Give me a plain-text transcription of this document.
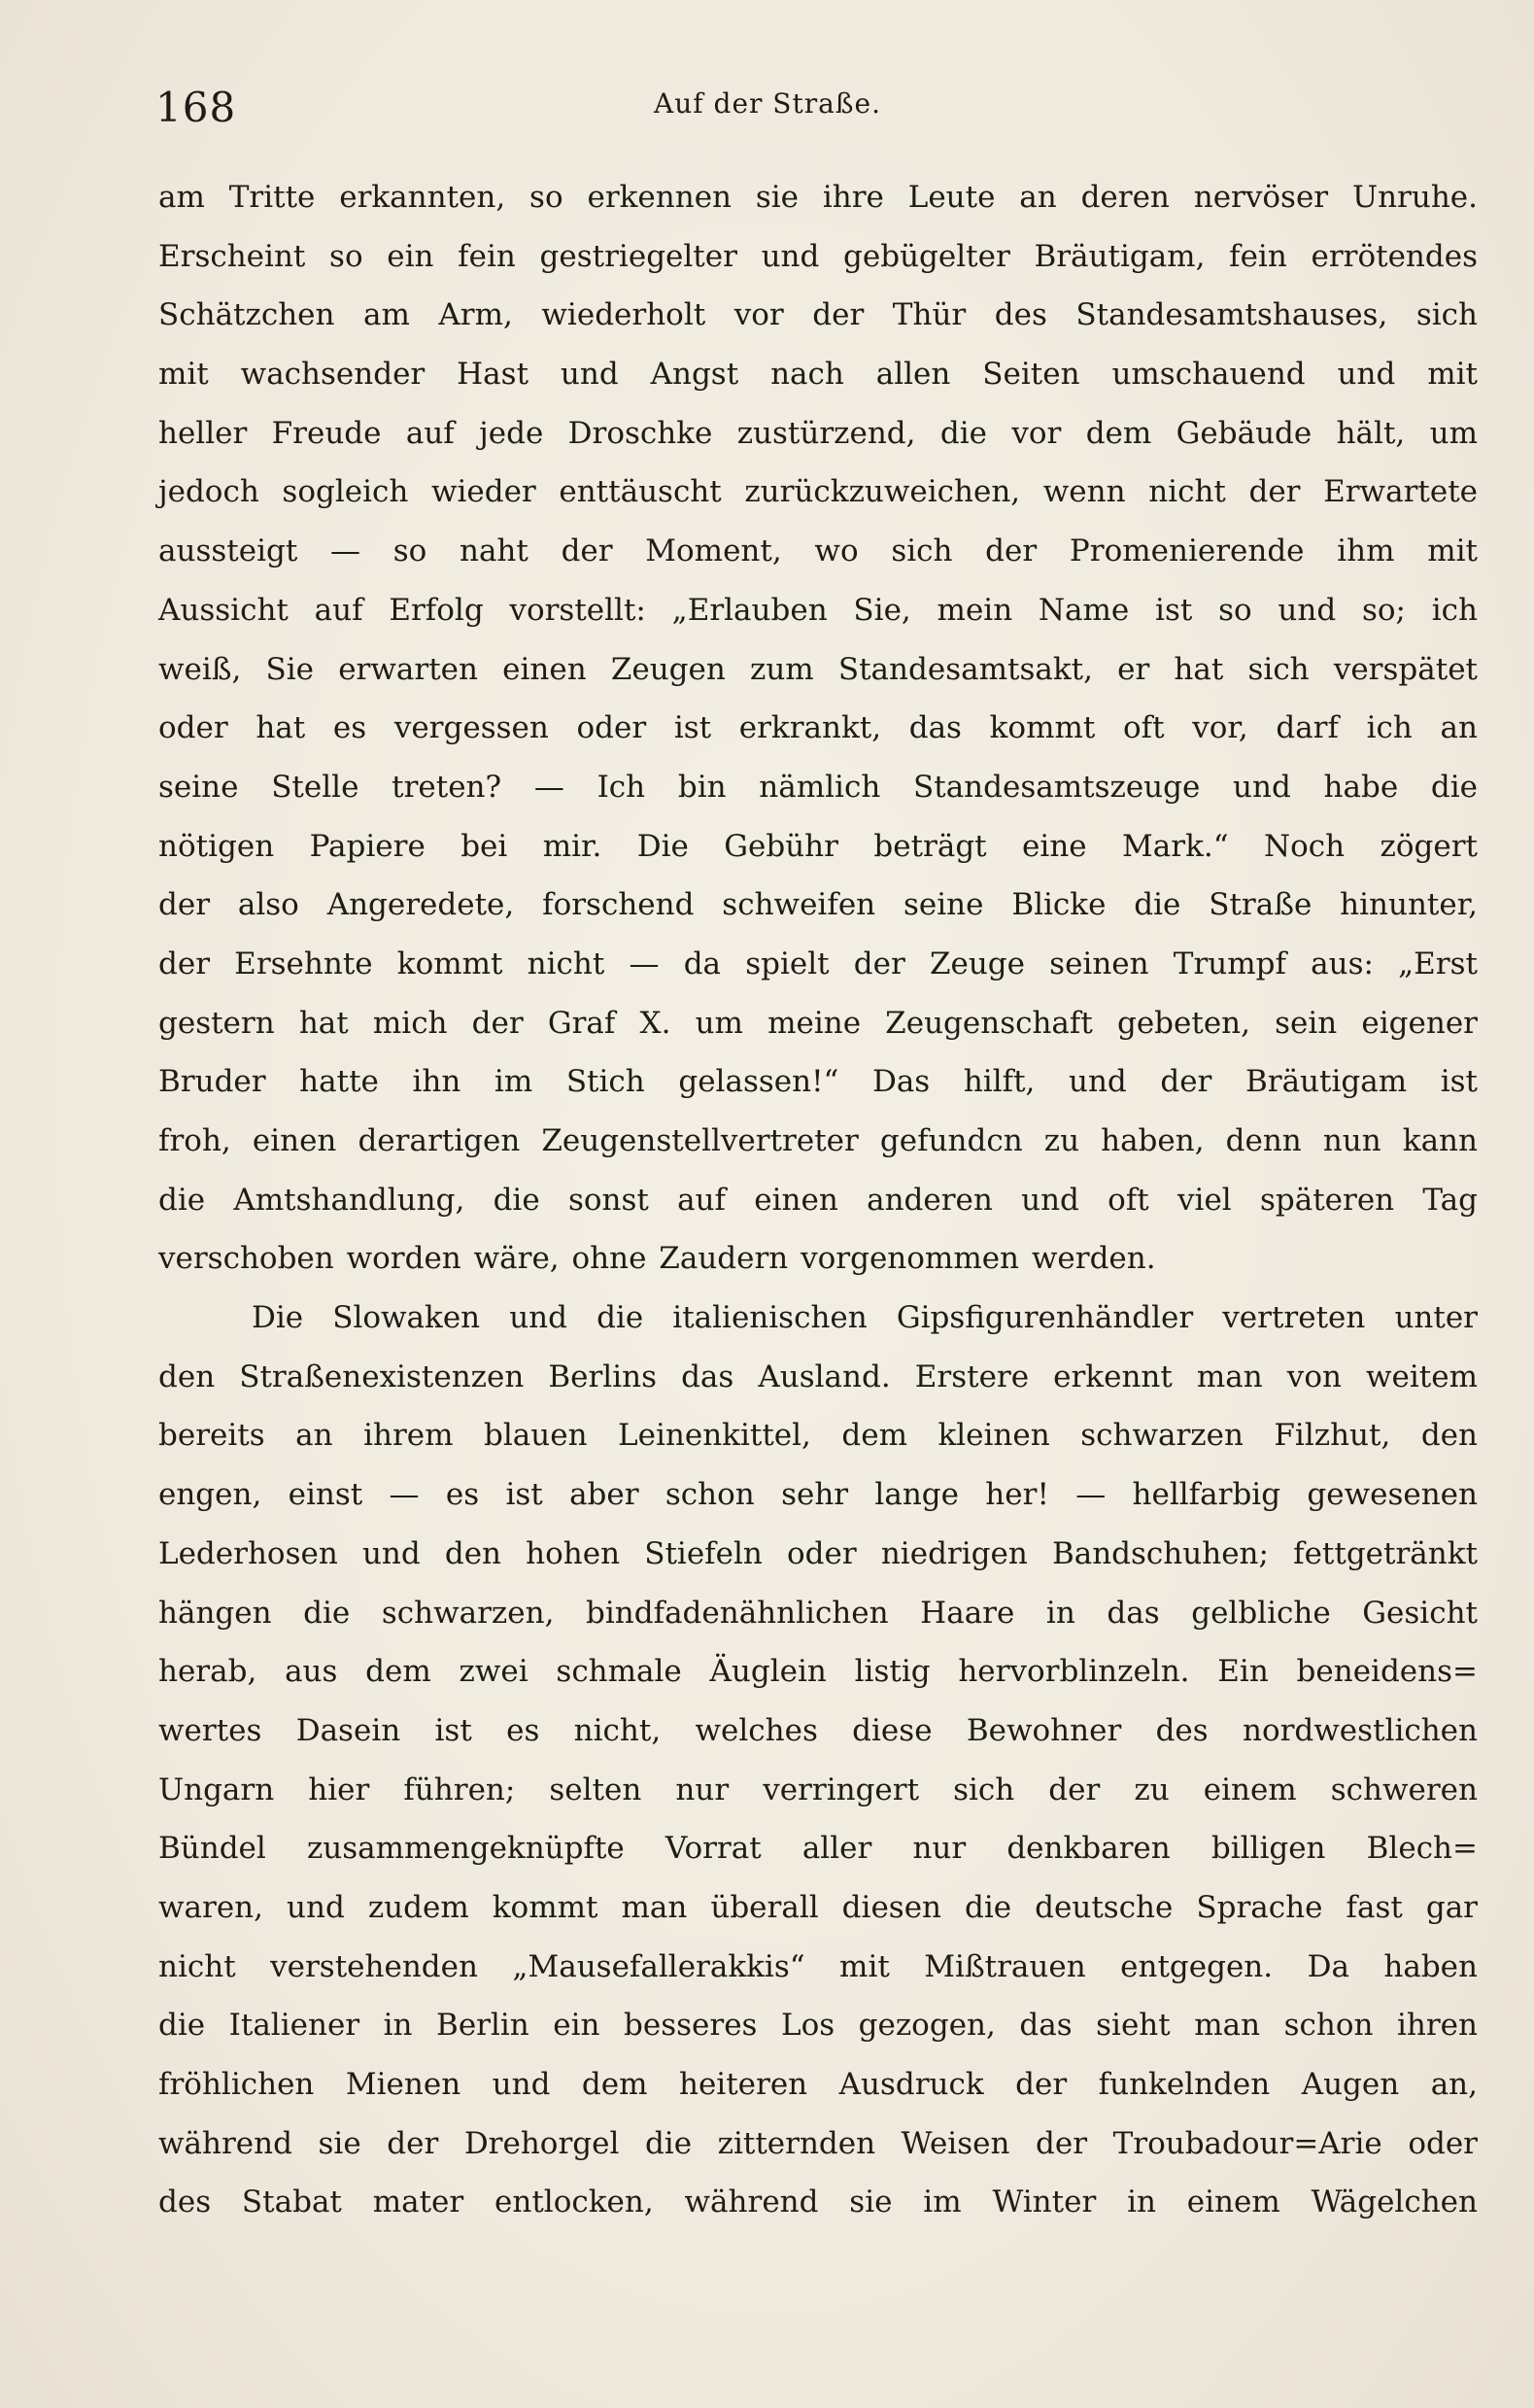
168	Auf der Straße.
am Tritte erkannten, so erkennen sie ihre Leute an deren nervöser Unruhe.
Erscheint so ein fein gestriegelter und gebügelter Bräutigam, fein errötendes
Schätzchen am Arm, wiederholt vor der Thür des Standesamtshauses, sich
mit wachsender Hast und Angst nach allen Seiten umschauend und mit
heller Freude auf jede Droschke zustürzend, die vor dem Gebäude hält, um
jedoch sogleich wieder enttäuscht zurückzuweichen, wenn nicht der Erwartete
aussteigt — so naht der Moment, wo sich der Promenierende ihm mit
Aussicht auf Erfolg vorstellt: „Erlauben Sie, mein Name ist so und so; ich
weiß, Sie erwarten einen Zeugen zum Standesamtsakt, er hat sich verspätet
oder hat es vergessen oder ist erkrankt, das kommt oft vor, darf ich an
seine Stelle treten? — Ich bin nämlich Standesamtszeuge und habe die
nötigen Papiere bei mir. Die Gebühr beträgt eine Mark.“ Noch zögert
der also Angeredete, forschend schweifen seine Blicke die Straße hinunter,
der Ersehnte kommt nicht — da spielt der Zeuge seinen Trumpf aus: „Erst
gestern hat mich der Graf X. um meine Zeugenschaft gebeten, sein eigener
Bruder hatte ihn im Stich gelassen!“ Das hilft, und der Bräutigam ist
froh, einen derartigen Zeugenstellvertreter gefundcn zu haben, denn nun kann
die Amtshandlung, die sonst auf einen anderen und oft viel späteren Tag
verschoben worden wäre, ohne Zaudern vorgenommen werden.
Die Slowaken und die italienischen Gipsfigurenhändler vertreten unter
den Straßenexistenzen Berlins das Ausland. Erstere erkennt man von weitem
bereits an ihrem blauen Leinenkittel, dem kleinen schwarzen Filzhut, den
engen, einst — es ist aber schon sehr lange her! — hellfarbig gewesenen
Lederhosen und den hohen Stiefeln oder niedrigen Bandschuhen; fettgetränkt
hängen die schwarzen, bindfadenähnlichen Haare in das gelbliche Gesicht
herab, aus dem zwei schmale Äuglein listig hervorblinzeln. Ein beneidens=
wertes Dasein ist es nicht, welches diese Bewohner des nordwestlichen
Ungarn hier führen; selten nur verringert sich der zu einem schweren
Bündel zusammengeknüpfte Vorrat aller nur denkbaren billigen Blech=
waren, und zudem kommt man überall diesen die deutsche Sprache fast gar
nicht verstehenden „Mausefallerakkis“ mit Mißtrauen entgegen. Da haben
die Italiener in Berlin ein besseres Los gezogen, das sieht man schon ihren
fröhlichen Mienen und dem heiteren Ausdruck der funkelnden Augen an,
während sie der Drehorgel die zitternden Weisen der Troubadour=Arie oder
des Stabat mater entlocken, während sie im Winter in einem Wägelchen
